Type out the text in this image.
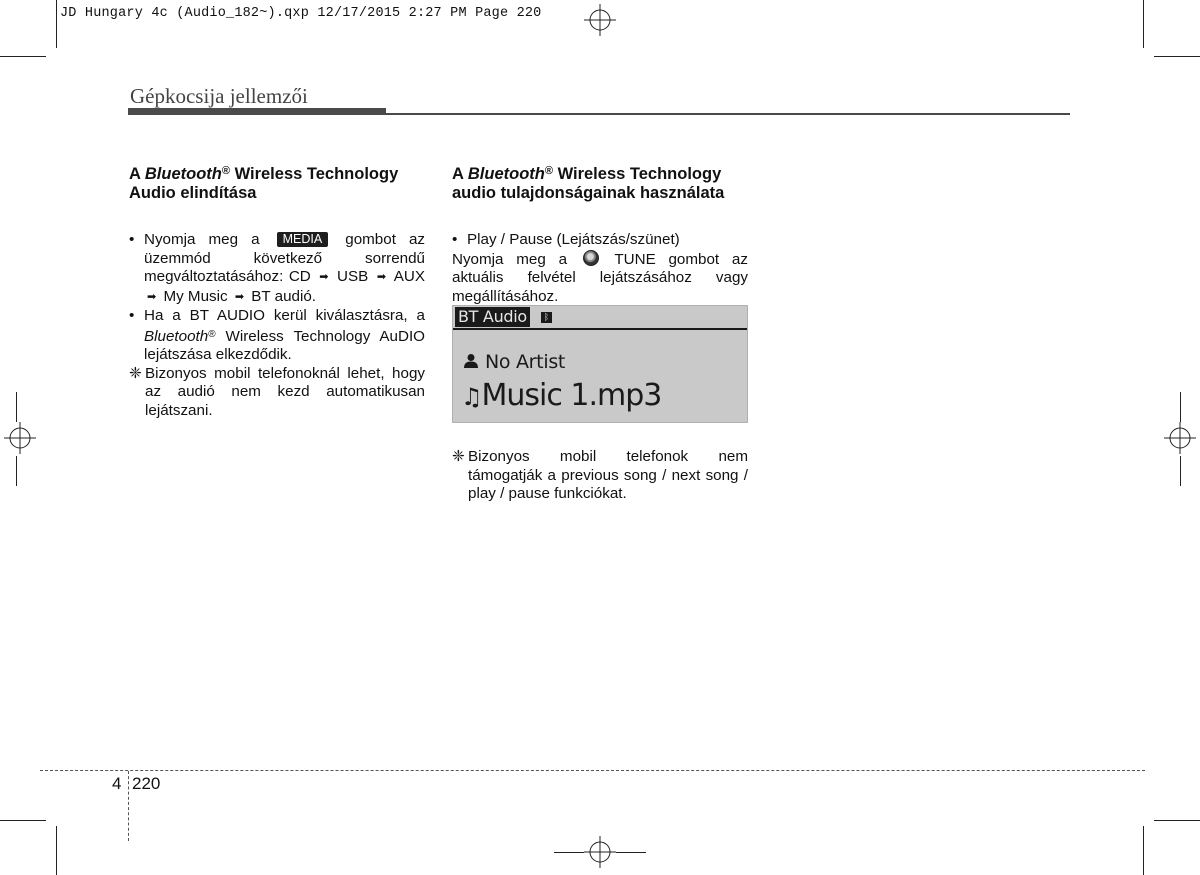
JD Hungary 4c (Audio_182~).qxp 12/17/2015 2:27 PM Page 220
Gépkocsija jellemzői
A Bluetooth® Wireless Technology Audio elindítása
• Nyomja meg a MEDIA gombot az üzemmód következő sorrendű megváltoztatásához: CD ➡ USB ➡ AUX ➡ My Music ➡ BT audió.
• Ha a BT AUDIO kerül kiválasztásra, a Bluetooth® Wireless Technology AuDIO lejátszása elkezdődik.
❈ Bizonyos mobil telefonoknál lehet, hogy az audió nem kezd automatikusan lejátszani.
A Bluetooth® Wireless Technology audio tulajdonságainak használata
• Play / Pause (Lejátszás/szünet)
Nyomja meg a	TUNE gombot az aktuális felvétel lejátszásához vagy megállításához.
BT Audio	ᛒ
No Artist
♫Music 1.mp3
❈ Bizonyos mobil telefonok nem támogatják a previous song / next song / play / pause funkciókat.
4 220
